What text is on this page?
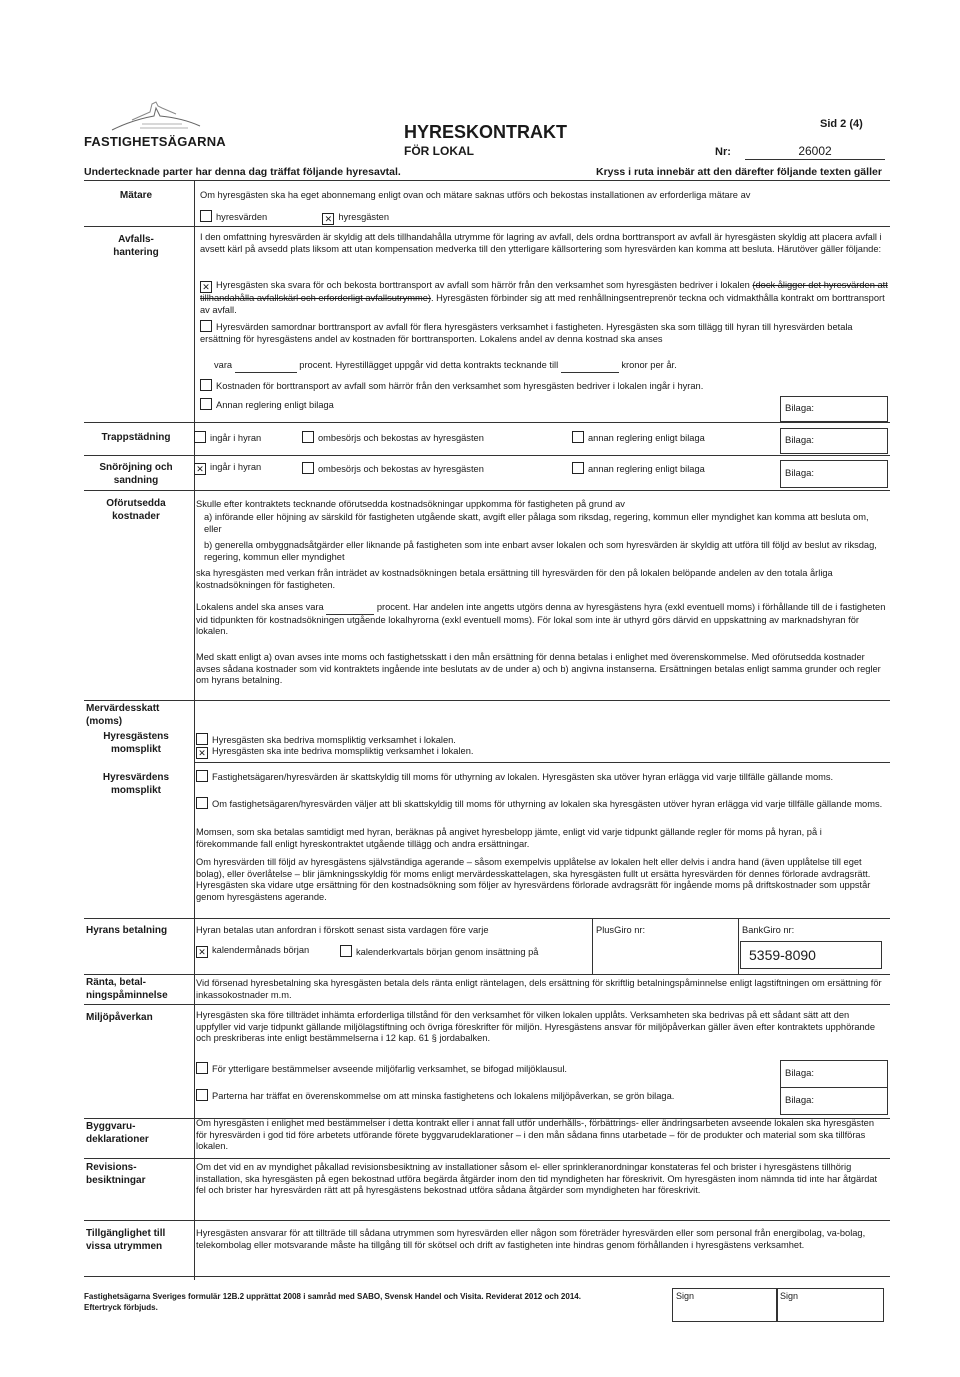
FASTIGHETSÄGARNA	HYRESKONTRAKT
FÖR LOKAL
Sid 2 (4)
Nr:	26002
Undertecknade parter har denna dag träffat följande hyresavtal.	Kryss i ruta innebär att den därefter följande texten gäller
Mätare	Om hyresgästen ska ha eget abonnemang enligt ovan och mätare saknas utförs och bekostas installationen av erforderliga mätare av
hyresvärden  ✕	hyresgästen
Avfalls-
hantering
I den omfattning hyresvärden är skyldig att dels tillhandahålla utrymme för lagring av avfall, dels ordna borttransport av avfall är hyresgästen skyldig att placera avfall i avsett kärl på avsedd plats liksom att utan kompensation medverka till den ytterligare källsortering som hyresvärden kan komma att besluta. Härutöver gäller följande:
✕Hyresgästen ska svara för och bekosta borttransport av avfall som härrör från den verksamhet som hyresgästen bedriver i lokalen (dock åligger det hyresvärden att tillhandahålla avfallskärl och erforderligt avfallsutrymme). Hyresgästen förbinder sig att med renhållningsentreprenör teckna och vidmakthålla kontrakt om borttransport av avfall.
Hyresvärden samordnar borttransport av avfall för flera hyresgästers verksamhet i fastigheten. Hyresgästen ska som tillägg till hyran till hyresvärden betala ersättning för hyresgästens andel av kostnaden för borttransporten. Lokalens andel av denna kostnad ska anses
vara	procent. Hyrestillägget uppgår vid detta kontrakts tecknande till	kronor per år.
Kostnaden för borttransport av avfall som härrör från den verksamhet som hyresgästen bedriver i lokalen ingår i hyran.
Annan reglering enligt bilaga	Bilaga:
Trappstädning	ingår i hyran	ombesörjs och bekostas av hyresgästen	annan reglering enligt bilaga	Bilaga:
Snöröjning och
sandning
✕ingår i hyran	ombesörjs och bekostas av hyresgästen	annan reglering enligt bilaga	Bilaga:
Oförutsedda
kostnader
Skulle efter kontraktets tecknande oförutsedda kostnadsökningar uppkomma för fastigheten på grund av
a) införande eller höjning av särskild för fastigheten utgående skatt, avgift eller pålaga som riksdag, regering, kommun eller myndighet kan komma att besluta om, eller
b) generella ombyggnadsåtgärder eller liknande på fastigheten som inte enbart avser lokalen och som hyresvärden är skyldig att utföra till följd av beslut av riksdag, regering, kommun eller myndighet
ska hyresgästen med verkan från inträdet av kostnadsökningen betala ersättning till hyresvärden för den på lokalen belöpande andelen av den totala årliga kostnadsökningen för fastigheten.
Lokalens andel ska anses vara	procent. Har andelen inte angetts utgörs denna av hyresgästens hyra (exkl eventuell moms) i förhållande till de i fastigheten vid tidpunkten för kostnadsökningen utgående lokalhyrorna (exkl eventuell moms). För lokal som inte är uthyrd görs därvid en uppskattning av marknadshyran för lokalen.
Med skatt enligt a) ovan avses inte moms och fastighetsskatt i den mån ersättning för denna betalas i enlighet med överenskommelse. Med oförutsedda kostnader avses sådana kostnader som vid kontraktets ingående inte beslutats av de under a) och b) angivna instanserna. Ersättningen betalas enligt samma grunder och regler om hyrans betalning.
Mervärdesskatt
(moms)
Hyresgästens
momsplikt
Hyresvärdens
momsplikt
Hyresgästen ska bedriva momspliktig verksamhet i lokalen.
✕Hyresgästen ska inte bedriva momspliktig verksamhet i lokalen.
Fastighetsägaren/hyresvärden är skattskyldig till moms för uthyrning av lokalen. Hyresgästen ska utöver hyran erlägga vid varje tillfälle gällande moms.
Om fastighetsägaren/hyresvärden väljer att bli skattskyldig till moms för uthyrning av lokalen ska hyresgästen utöver hyran erlägga vid varje tillfälle gällande moms.
Momsen, som ska betalas samtidigt med hyran, beräknas på angivet hyresbelopp jämte, enligt vid varje tidpunkt gällande regler för moms på hyran, på i förekommande fall enligt hyreskontraktet utgående tillägg och andra ersättningar.
Om hyresvärden till följd av hyresgästens självständiga agerande – såsom exempelvis upplåtelse av lokalen helt eller delvis i andra hand (även upplåtelse till eget bolag), eller överlåtelse – blir jämkningsskyldig för moms enligt mervärdesskattelagen, ska hyresgästen fullt ut ersätta hyresvärden för dennes förlorade avdragsrätt. Hyresgästen ska vidare utge ersättning för den kostnadsökning som följer av hyresvärdens förlorade avdragsrätt för ingående moms på driftskostnader som uppstår genom hyresgästens agerande.
Hyrans betalning	Hyran betalas utan anfordran i förskott senast sista vardagen före varje
✕kalendermånads början	kalenderkvartals början genom insättning på
PlusGiro nr:	BankGiro nr:
5359-8090
Ränta, betal-
ningspåminnelse
Vid försenad hyresbetalning ska hyresgästen betala dels ränta enligt räntelagen, dels ersättning för skriftlig betalningspåminnelse enligt lagstiftningen om ersättning för inkassokostnader m.m.
Miljöpåverkan	Hyresgästen ska före tillträdet inhämta erforderliga tillstånd för den verksamhet för vilken lokalen upplåts. Verksamheten ska bedrivas på ett sådant sätt att den uppfyller vid varje tidpunkt gällande miljölagstiftning och övriga föreskrifter för miljön. Hyresgästens ansvar för miljöpåverkan gäller även efter kontraktets upphörande och preskriberas inte enligt bestämmelserna i 12 kap. 61 § jordabalken.
För ytterligare bestämmelser avseende miljöfarlig verksamhet, se bifogad miljöklausul.	Bilaga:
Parterna har träffat en överenskommelse om att minska fastighetens och lokalens miljöpåverkan, se grön bilaga.	Bilaga:
Byggvaru-
deklarationer
Om hyresgästen i enlighet med bestämmelser i detta kontrakt eller i annat fall utför underhålls-, förbättrings- eller ändringsarbeten avseende lokalen ska hyresgästen för hyresvärden i god tid före arbetets utförande förete byggvarudeklarationer – i den mån sådana finns utarbetade – för de produkter och material som ska tillföras lokalen.
Revisions-
besiktningar
Om det vid en av myndighet påkallad revisionsbesiktning av installationer såsom el- eller sprinkleranordningar konstateras fel och brister i hyresgästens tillhörig installation, ska hyresgästen på egen bekostnad utföra begärda åtgärder inom den tid myndigheten har föreskrivit. Om hyresgästen inom nämnda tid inte har åtgärdat fel och brister har hyresvärden rätt att på hyresgästens bekostnad utföra sådana åtgärder som myndigheten har föreskrivit.
Tillgänglighet till
vissa utrymmen
Hyresgästen ansvarar för att tillträde till sådana utrymmen som hyresvärden eller någon som företräder hyresvärden eller som personal från energibolag, va-bolag, telekombolag eller motsvarande måste ha tillgång till för skötsel och drift av fastigheten inte hindras genom förhållanden i hyresgästens verksamhet.
Fastighetsägarna Sveriges formulär 12B.2 upprättat 2008 i samråd med SABO, Svensk Handel och Visita. Reviderat 2012 och 2014.
Eftertryck förbjuds.
Sign	Sign
